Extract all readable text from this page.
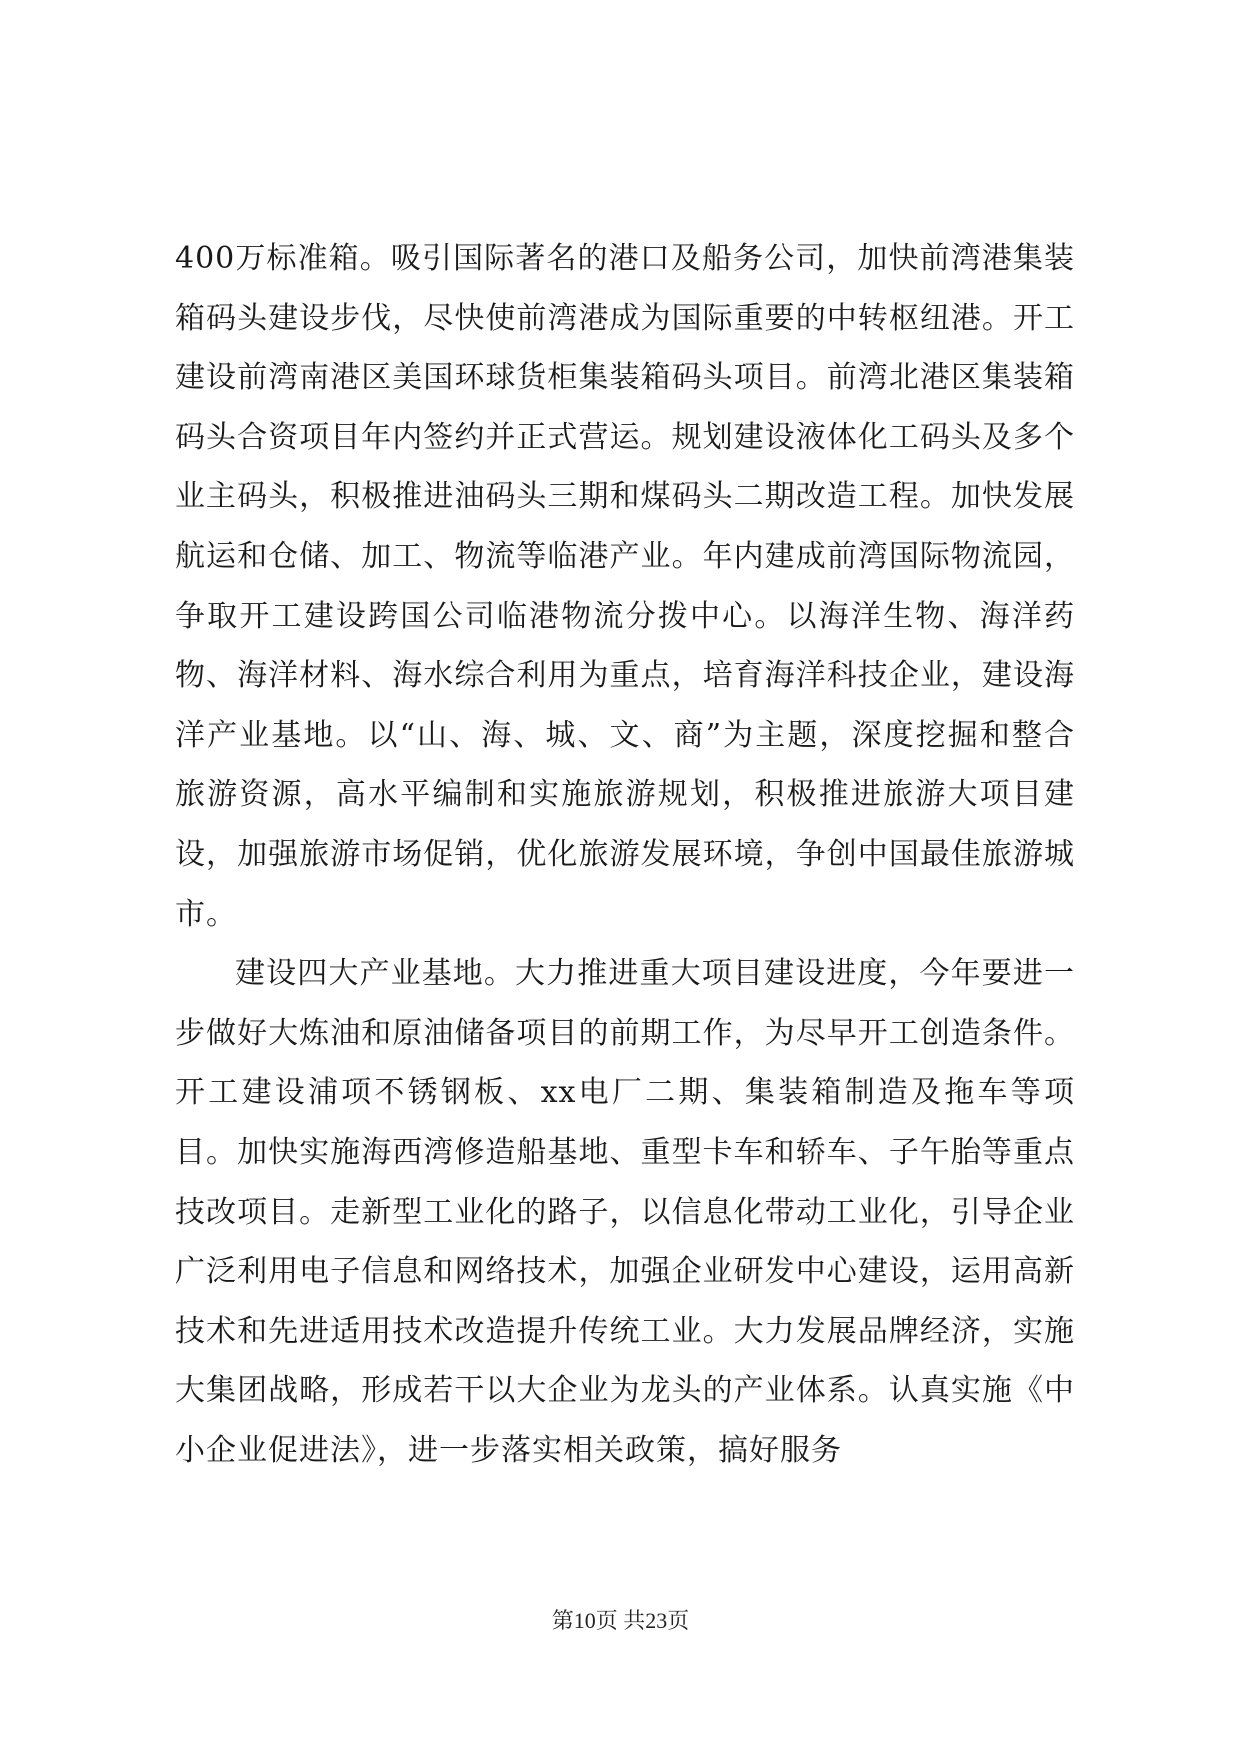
400万标准箱。吸引国际著名的港口及船务公司，加快前湾港集装箱码头建设步伐，尽快使前湾港成为国际重要的中转枢纽港。开工建设前湾南港区美国环球货柜集装箱码头项目。前湾北港区集装箱码头合资项目年内签约并正式营运。规划建设液体化工码头及多个业主码头，积极推进油码头三期和煤码头二期改造工程。加快发展航运和仓储、加工、物流等临港产业。年内建成前湾国际物流园，争取开工建设跨国公司临港物流分拨中心。以海洋生物、海洋药物、海洋材料、海水综合利用为重点，培育海洋科技企业，建设海洋产业基地。以“山、海、城、文、商”为主题，深度挖掘和整合旅游资源，高水平编制和实施旅游规划，积极推进旅游大项目建设，加强旅游市场促销，优化旅游发展环境，争创中国最佳旅游城市。

建设四大产业基地。大力推进重大项目建设进度，今年要进一步做好大炼油和原油储备项目的前期工作，为尽早开工创造条件。开工建设浦项不锈钢板、xx电厂二期、集装箱制造及拖车等项目。加快实施海西湾修造船基地、重型卡车和轿车、子午胎等重点技改项目。走新型工业化的路子，以信息化带动工业化，引导企业广泛利用电子信息和网络技术，加强企业研发中心建设，运用高新技术和先进适用技术改造提升传统工业。大力发展品牌经济，实施大集团战略，形成若干以大企业为龙头的产业体系。认真实施《中小企业促进法》，进一步落实相关政策，搞好服务

第10页 共23页
